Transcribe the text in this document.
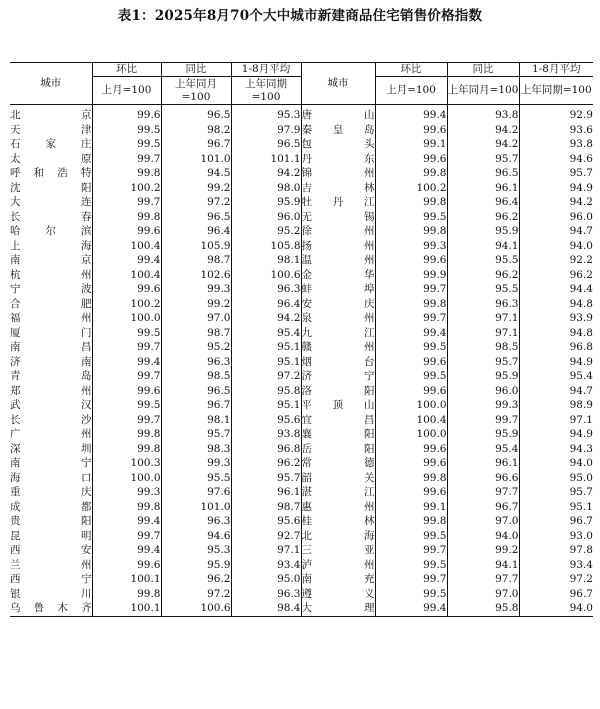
表1：2025年8月70个大中城市新建商品住宅销售价格指数
城市	环比	同比	1-8月平均	城市	环比	同比	1-8月平均
	上月=100	上年同月=100	上年同期=100		上月=100	上年同月=100	上年同期=100
北京	99.6	96.5	95.3	唐山	99.4	93.8	92.9
天津	99.5	98.2	97.9	秦皇岛	99.6	94.2	93.6
石家庄	99.5	96.7	96.5	包头	99.1	94.2	93.8
太原	99.7	101.0	101.1	丹东	99.6	95.7	94.6
呼和浩特	99.8	94.5	94.2	锦州	99.8	96.5	95.7
沈阳	100.2	99.2	98.0	吉林	100.2	96.1	94.9
大连	99.7	97.2	95.9	牡丹江	99.8	96.4	94.2
长春	99.8	96.5	96.0	无锡	99.5	96.2	96.0
哈尔滨	99.6	96.4	95.2	徐州	99.8	95.9	94.7
上海	100.4	105.9	105.8	扬州	99.3	94.1	94.0
南京	99.4	98.7	98.1	温州	99.6	95.5	92.2
杭州	100.4	102.6	100.6	金华	99.9	96.2	96.2
宁波	99.6	99.3	96.3	蚌埠	99.7	95.5	94.4
合肥	100.2	99.2	96.4	安庆	99.8	96.3	94.8
福州	100.0	97.0	94.2	泉州	99.7	97.1	93.9
厦门	99.5	98.7	95.4	九江	99.4	97.1	94.8
南昌	99.7	95.2	95.1	赣州	99.5	98.5	96.8
济南	99.4	96.3	95.1	烟台	99.6	95.7	94.9
青岛	99.7	98.5	97.2	济宁	99.5	95.9	95.4
郑州	99.6	96.5	95.8	洛阳	99.6	96.0	94.7
武汉	99.5	96.7	95.1	平顶山	100.0	99.3	98.9
长沙	99.7	98.1	95.6	宜昌	100.4	99.7	97.1
广州	99.8	95.7	93.8	襄阳	100.0	95.9	94.9
深圳	99.8	98.3	96.8	岳阳	99.6	95.4	94.3
南宁	100.3	99.3	96.2	常德	99.6	96.1	94.0
海口	100.0	95.5	95.7	韶关	99.8	96.6	95.0
重庆	99.3	97.6	96.1	湛江	99.6	97.7	95.7
成都	99.8	101.0	98.7	惠州	99.1	96.7	95.1
贵阳	99.4	96.3	95.6	桂林	99.8	97.0	96.7
昆明	99.7	94.6	92.7	北海	99.5	94.0	93.0
西安	99.4	95.3	97.1	三亚	99.7	99.2	97.8
兰州	99.6	95.9	93.4	泸州	99.5	94.1	93.4
西宁	100.1	96.2	95.0	南充	99.7	97.7	97.2
银川	99.8	97.2	96.3	遵义	99.5	97.0	96.7
乌鲁木齐	100.1	100.6	98.4	大理	99.4	95.8	94.0
